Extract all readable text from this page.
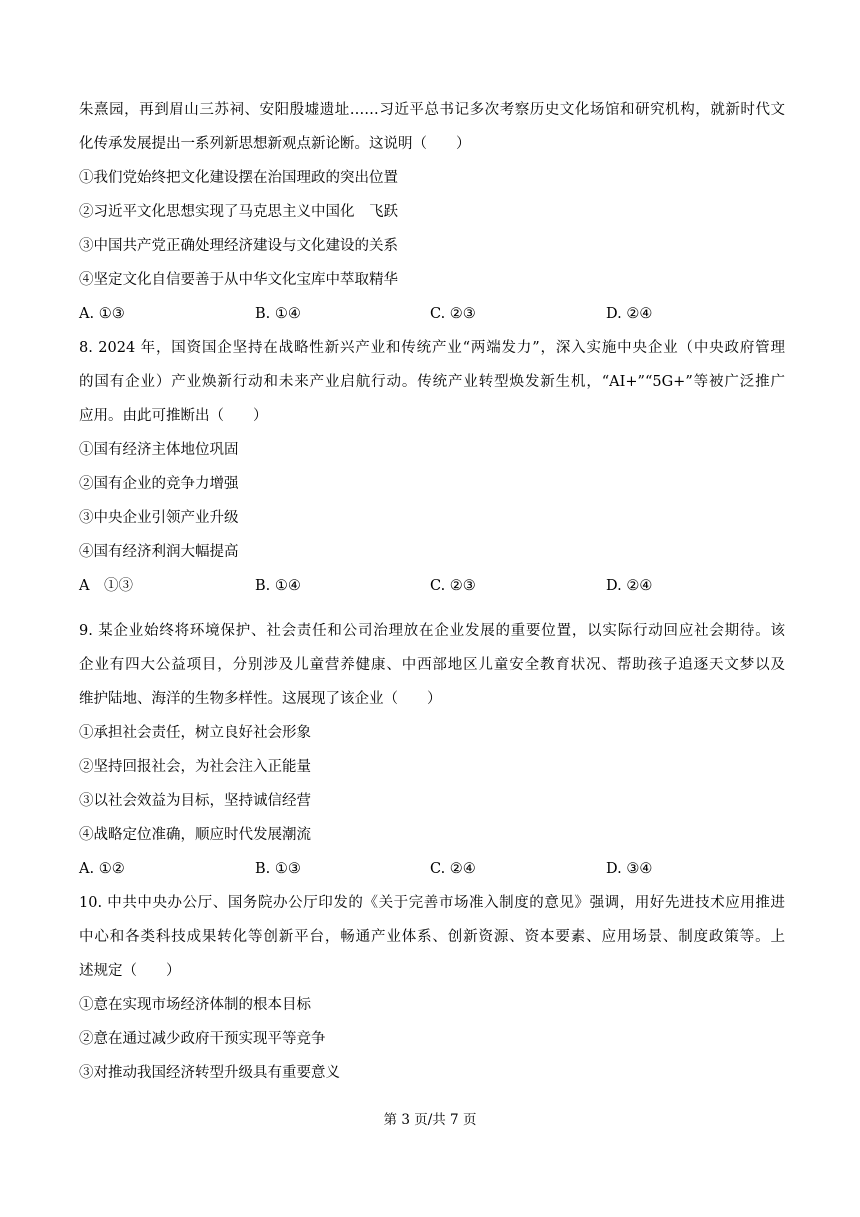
朱熹园，再到眉山三苏祠、安阳殷墟遗址……习近平总书记多次考察历史文化场馆和研究机构，就新时代文
化传承发展提出一系列新思想新观点新论断。这说明（　　）
①我们党始终把文化建设摆在治国理政的突出位置
②习近平文化思想实现了马克思主义中国化　飞跃
③中国共产党正确处理经济建设与文化建设的关系
④坚定文化自信要善于从中华文化宝库中萃取精华
A. ①③	B. ①④	C. ②③	D. ②④
8. 2024 年，国资国企坚持在战略性新兴产业和传统产业“两端发力”，深入实施中央企业（中央政府管理
的国有企业）产业焕新行动和未来产业启航行动。传统产业转型焕发新生机，“AI+”“5G+”等被广泛推广
应用。由此可推断出（　　）
①国有经济主体地位巩固
②国有企业的竞争力增强
③中央企业引领产业升级
④国有经济利润大幅提高
A　①③	B. ①④	C. ②③	D. ②④
9. 某企业始终将环境保护、社会责任和公司治理放在企业发展的重要位置，以实际行动回应社会期待。该
企业有四大公益项目，分别涉及儿童营养健康、中西部地区儿童安全教育状况、帮助孩子追逐天文梦以及
维护陆地、海洋的生物多样性。这展现了该企业（　　）
①承担社会责任，树立良好社会形象
②坚持回报社会，为社会注入正能量
③以社会效益为目标，坚持诚信经营
④战略定位准确，顺应时代发展潮流
A. ①②	B. ①③	C. ②④	D. ③④
10. 中共中央办公厅、国务院办公厅印发的《关于完善市场准入制度的意见》强调，用好先进技术应用推进
中心和各类科技成果转化等创新平台，畅通产业体系、创新资源、资本要素、应用场景、制度政策等。上
述规定（　　）
①意在实现市场经济体制的根本目标
②意在通过减少政府干预实现平等竞争
③对推动我国经济转型升级具有重要意义
第 3 页/共 7 页
